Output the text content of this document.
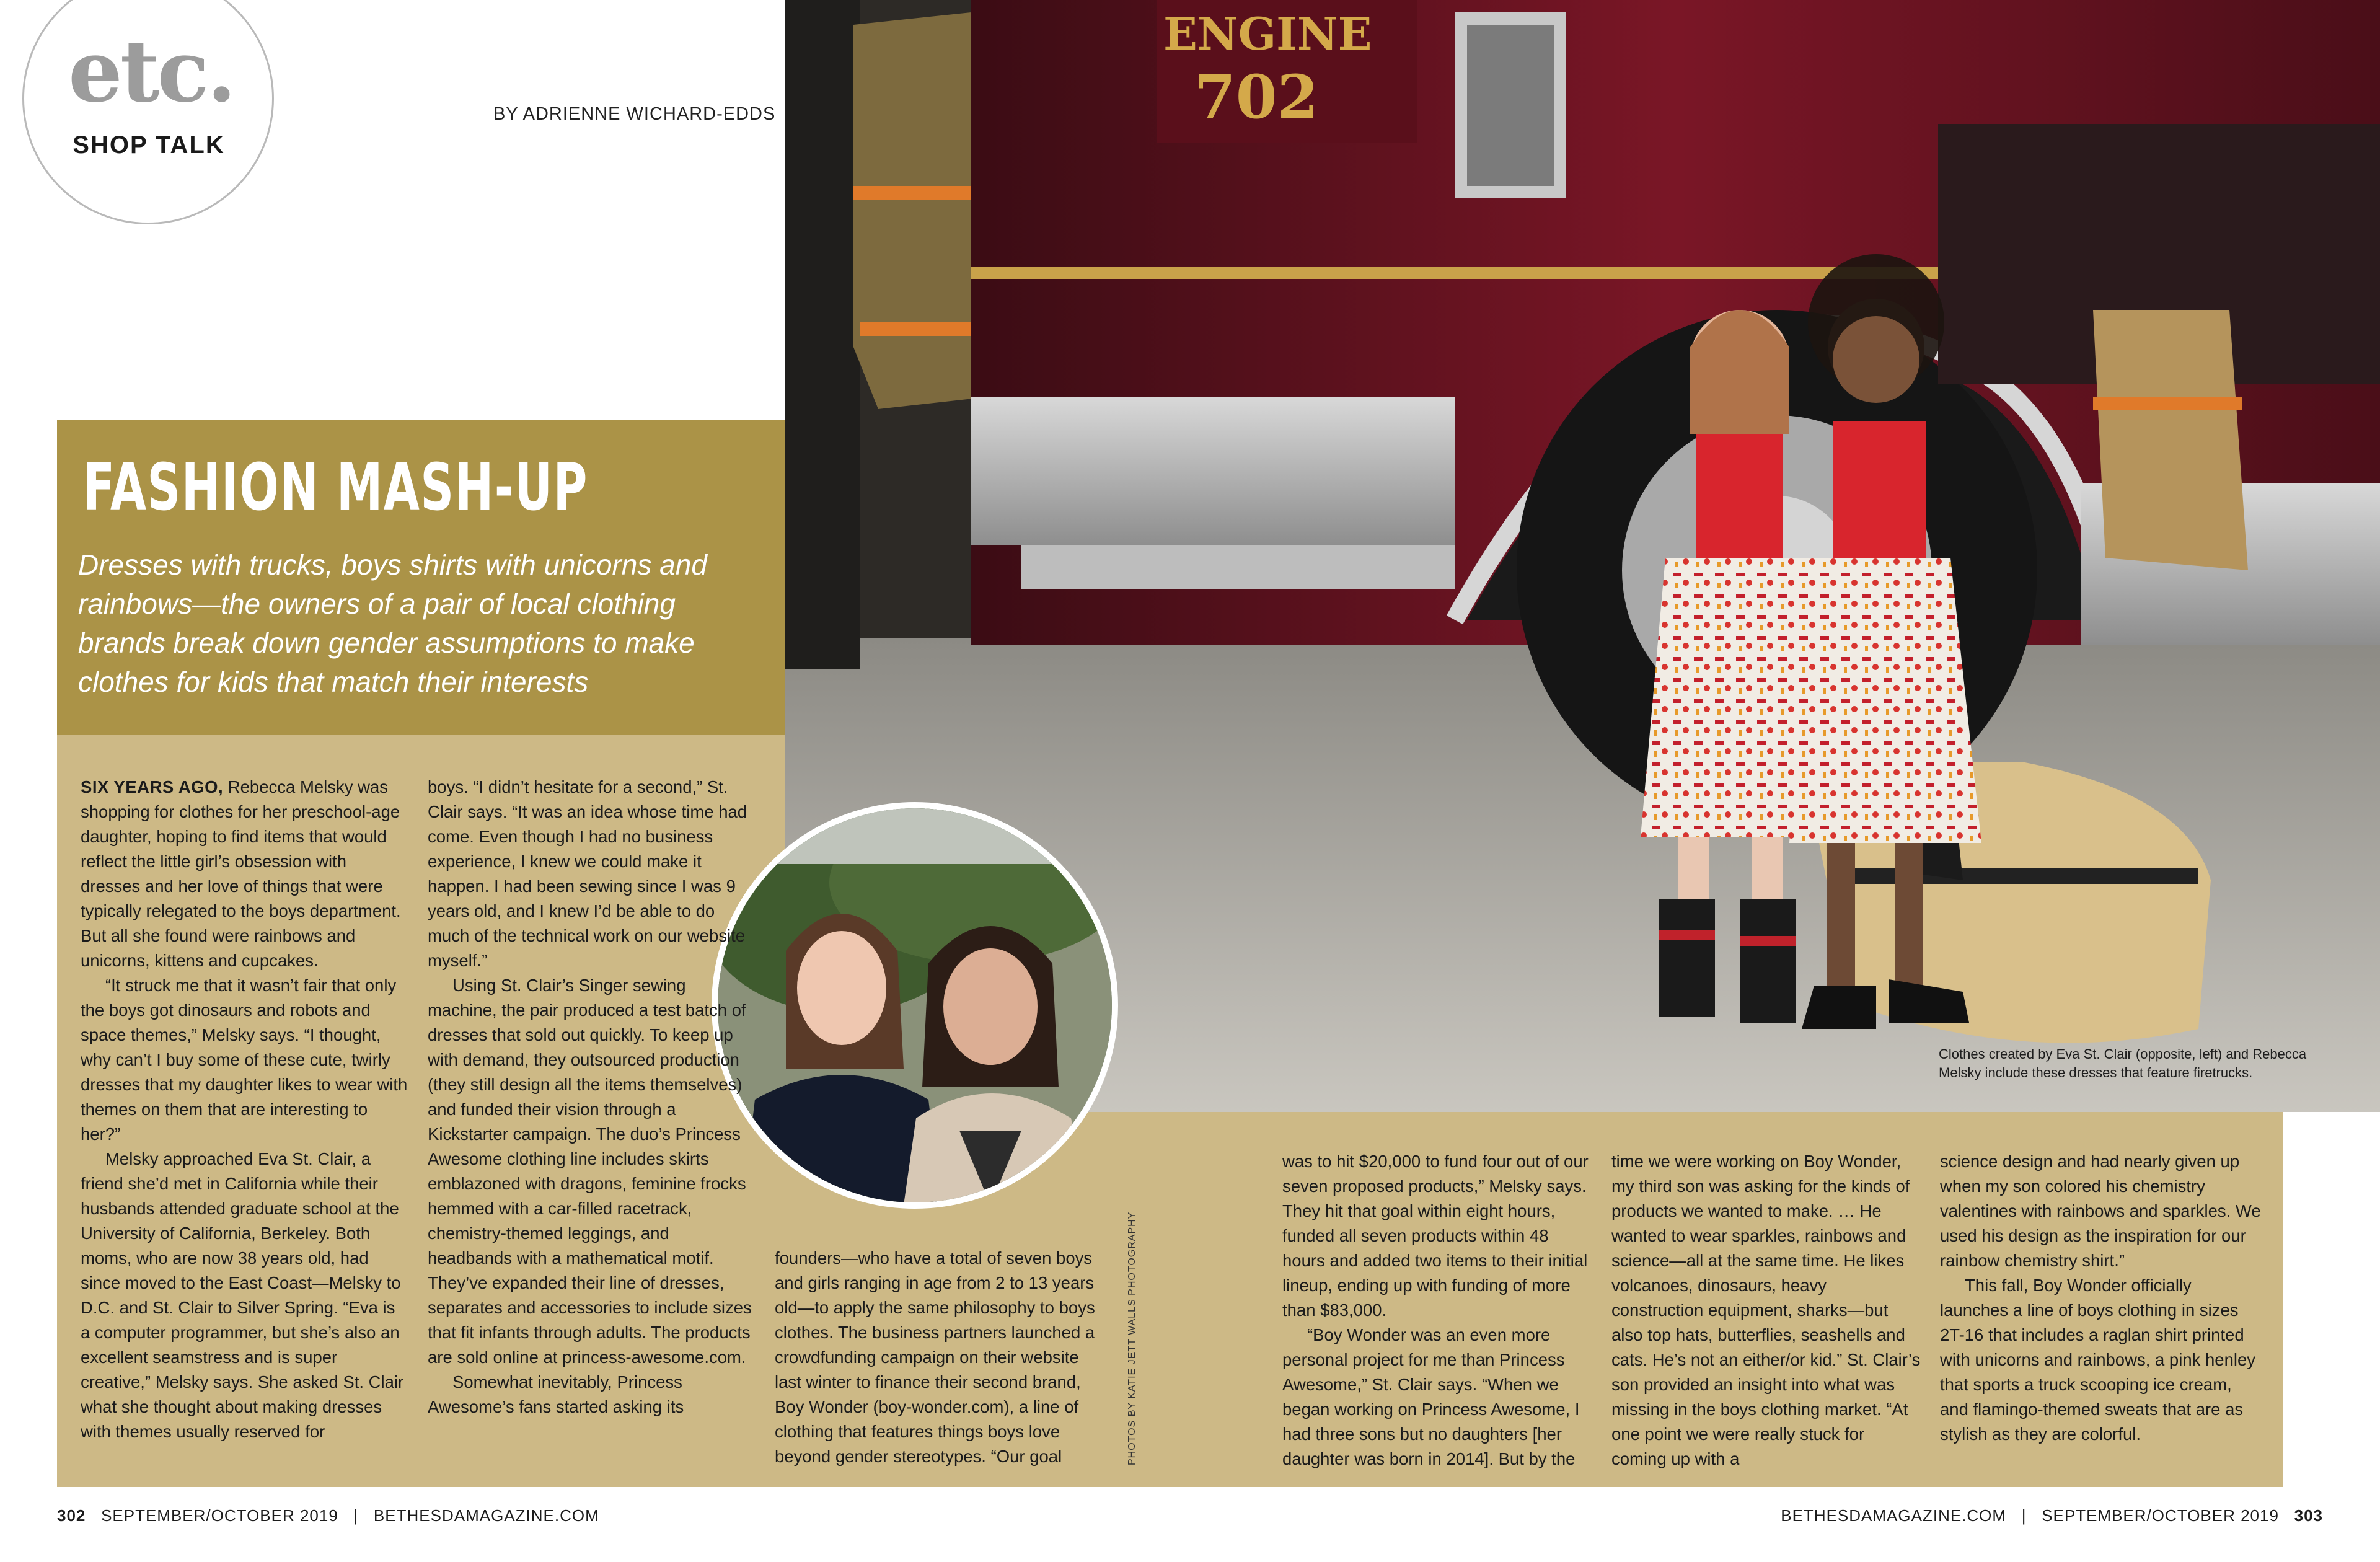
etc.
SHOP TALK
BY ADRIENNE WICHARD-EDDS
FASHION MASH-UP
Dresses with trucks, boys shirts with unicorns and rainbows—the owners of a pair of local clothing brands break down gender assumptions to make clothes for kids that match their interests
ENGINE
702
Clothes created by Eva St. Clair (opposite, left) and Rebecca Melsky include these dresses that feature firetrucks.
PHOTOS BY KATIE JETT WALLS PHOTOGRAPHY

SIX YEARS AGO, Rebecca Melsky was shopping for clothes for her preschool-age daughter, hoping to find items that would reflect the little girl’s obsession with dresses and her love of things that were typically relegated to the boys department. But all she found were rainbows and unicorns, kittens and cupcakes.

“It struck me that it wasn’t fair that only the boys got dinosaurs and robots and space themes,” Melsky says. “I thought, why can’t I buy some of these cute, twirly dresses that my daughter likes to wear with themes on them that are interesting to her?”

Melsky approached Eva St. Clair, a friend she’d met in California while their husbands attended graduate school at the University of California, Berkeley. Both moms, who are now 38 years old, had since moved to the East Coast—Melsky to D.C. and St. Clair to Silver Spring. “Eva is a computer programmer, but she’s also an excellent seamstress and is super creative,” Melsky says. She asked St. Clair what she thought about making dresses with themes usually reserved for

boys. “I didn’t hesitate for a second,” St. Clair says. “It was an idea whose time had come. Even though I had no business experience, I knew we could make it happen. I had been sewing since I was 9 years old, and I knew I’d be able to do much of the technical work on our website myself.”

Using St. Clair’s Singer sewing machine, the pair produced a test batch of dresses that sold out quickly. To keep up with demand, they outsourced production (they still design all the items themselves) and funded their vision through a Kickstarter campaign. The duo’s Princess Awesome clothing line includes skirts emblazoned with dragons, feminine frocks hemmed with a car-filled racetrack, chemistry-themed leggings, and headbands with a mathematical motif. They’ve expanded their line of dresses, separates and accessories to include sizes that fit infants through adults. The products are sold online at princess-awesome.com.

Somewhat inevitably, Princess Awesome’s fans started asking its

founders—who have a total of seven boys and girls ranging in age from 2 to 13 years old—to apply the same philosophy to boys clothes. The business partners launched a crowdfunding campaign on their website last winter to finance their second brand, Boy Wonder (boy-wonder.com), a line of clothing that features things boys love beyond gender stereotypes. “Our goal

was to hit $20,000 to fund four out of our seven proposed products,” Melsky says. They hit that goal within eight hours, funded all seven products within 48 hours and added two items to their initial lineup, ending up with funding of more than $83,000.

“Boy Wonder was an even more personal project for me than Princess Awesome,” St. Clair says. “When we began working on Princess Awesome, I had three sons but no daughters [her daughter was born in 2014]. But by the

time we were working on Boy Wonder, my third son was asking for the kinds of products we wanted to make. … He wanted to wear sparkles, rainbows and science—all at the same time. He likes volcanoes, dinosaurs, heavy construction equipment, sharks—but also top hats, butterflies, seashells and cats. He’s not an either/or kid.” St. Clair’s son provided an insight into what was missing in the boys clothing market. “At one point we were really stuck for coming up with a

science design and had nearly given up when my son colored his chemistry valentines with rainbows and sparkles. We used his design as the inspiration for our rainbow chemistry shirt.”

This fall, Boy Wonder officially launches a line of boys clothing in sizes 2T-16 that includes a raglan shirt printed with unicorns and rainbows, a pink henley that sports a truck scooping ice cream, and flamingo-themed sweats that are as stylish as they are colorful.

302 SEPTEMBER/OCTOBER 2019 | BETHESDAMAGAZINE.COM	BETHESDAMAGAZINE.COM | SEPTEMBER/OCTOBER 2019 303
